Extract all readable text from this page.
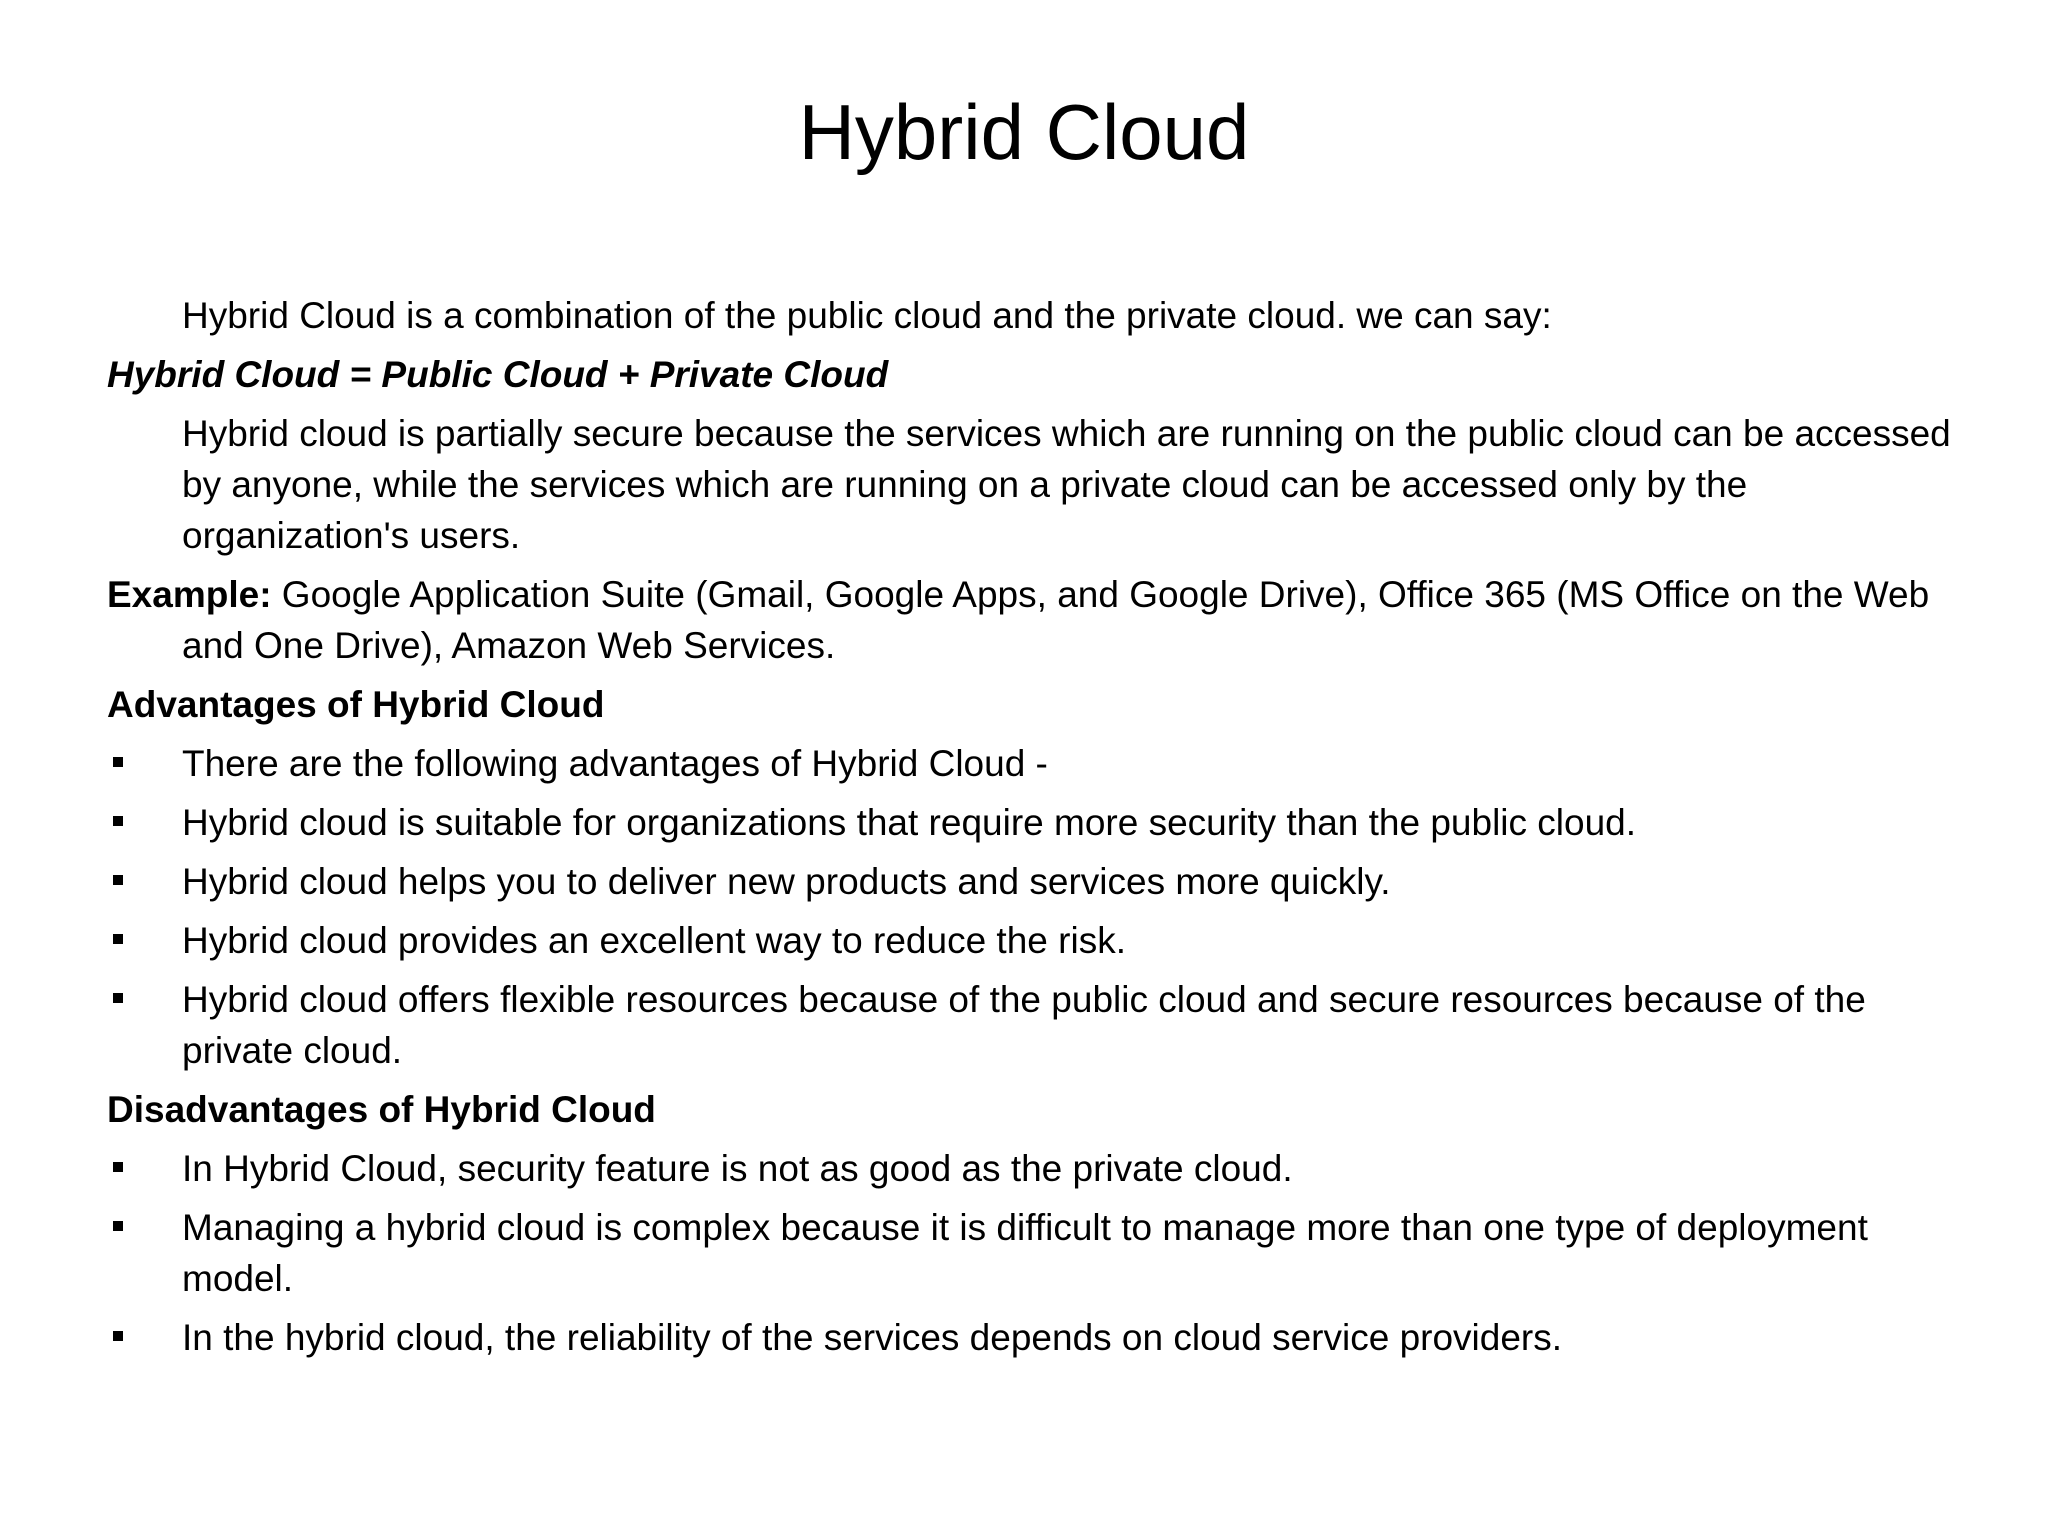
Hybrid Cloud

Hybrid Cloud is a combination of the public cloud and the private cloud. we can say:

Hybrid Cloud = Public Cloud + Private Cloud

Hybrid cloud is partially secure because the services which are running on the public cloud can be accessed by anyone, while the services which are running on a private cloud can be accessed only by the organization's users.

Example: Google Application Suite (Gmail, Google Apps, and Google Drive), Office 365 (MS Office on the Web and One Drive), Amazon Web Services.

Advantages of Hybrid Cloud

There are the following advantages of Hybrid Cloud -
Hybrid cloud is suitable for organizations that require more security than the public cloud.
Hybrid cloud helps you to deliver new products and services more quickly.
Hybrid cloud provides an excellent way to reduce the risk.
Hybrid cloud offers flexible resources because of the public cloud and secure resources because of the private cloud.

Disadvantages of Hybrid Cloud

In Hybrid Cloud, security feature is not as good as the private cloud.
Managing a hybrid cloud is complex because it is difficult to manage more than one type of deployment model.
In the hybrid cloud, the reliability of the services depends on cloud service providers.
